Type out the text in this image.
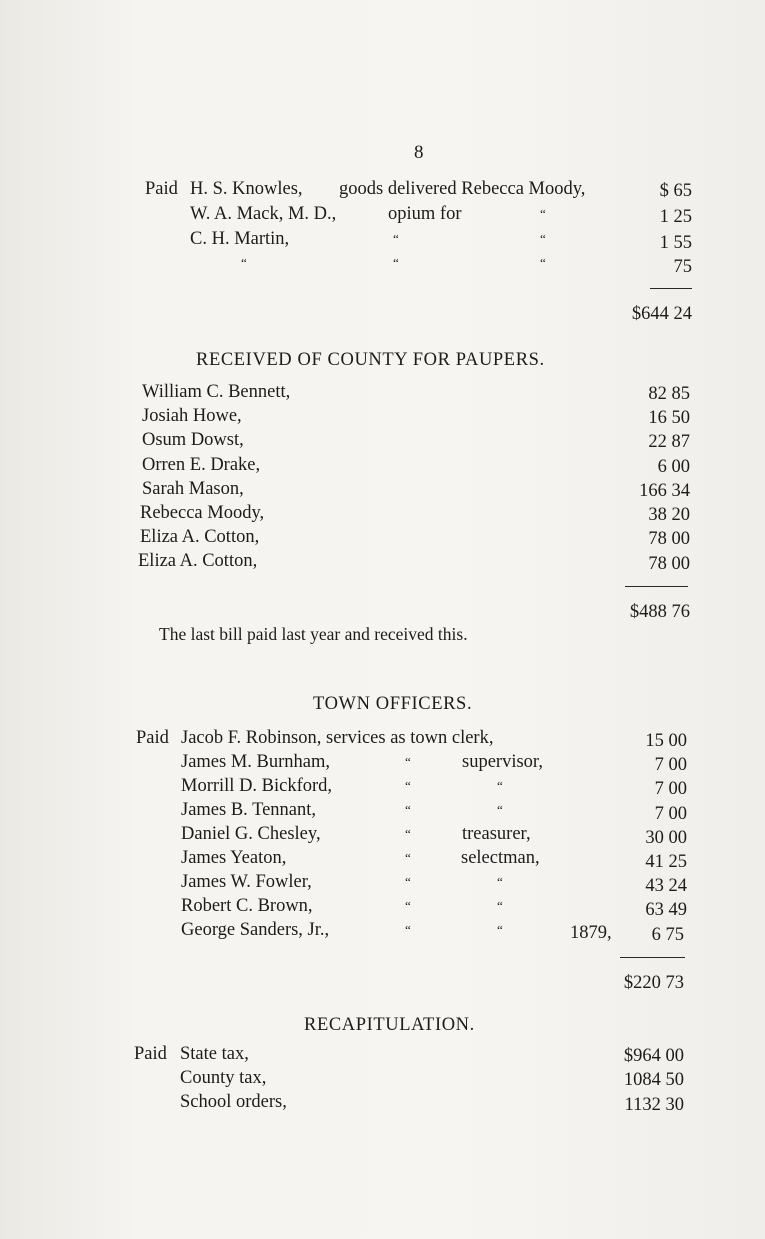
8
Paid H. S. Knowles, goods delivered Rebecca Moody,	$ 65
W. A. Mack, M. D.,	opium for	“	1 25
C. H. Martin,	“	“	1 55
“	“	“	75
$644 24
RECEIVED OF COUNTY FOR PAUPERS.
William C. Bennett,	82 85
Josiah Howe,	16 50
Osum Dowst,	22 87
Orren E. Drake,	6 00
Sarah Mason,	166 34
Rebecca Moody,	38 20
Eliza A. Cotton,	78 00
Eliza A. Cotton,	78 00
$488 76
The last bill paid last year and received this.
TOWN OFFICERS.
Paid Jacob F. Robinson, services as town clerk,	15 00
James M. Burnham,	“	supervisor,	7 00
Morrill D. Bickford,	“	“	7 00
James B. Tennant,	“	“	7 00
Daniel G. Chesley,	“	treasurer,	30 00
James Yeaton,	“	selectman,	41 25
James W. Fowler,	“	“	43 24
Robert C. Brown,	“	“	63 49
George Sanders, Jr.,	“	“	1879,	6 75
$220 73
RECAPITULATION.
Paid State tax,	$964 00
County tax,	1084 50
School orders,	1132 30
